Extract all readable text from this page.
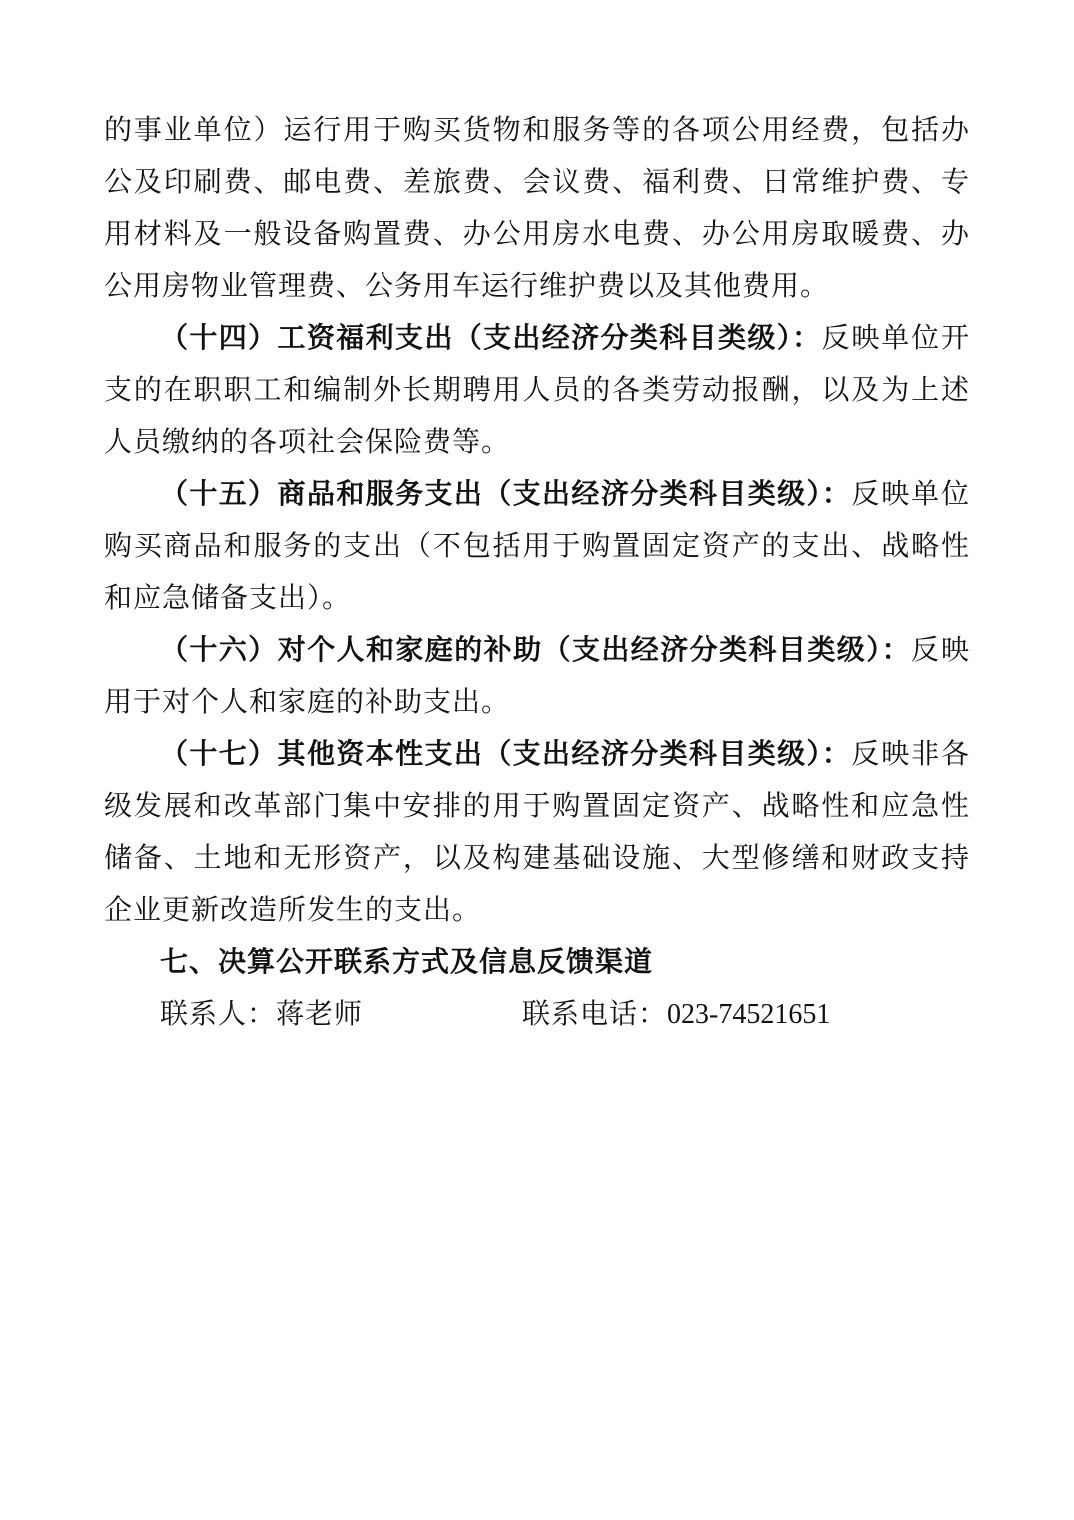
的事业单位）运行用于购买货物和服务等的各项公用经费，包括办公及印刷费、邮电费、差旅费、会议费、福利费、日常维护费、专用材料及一般设备购置费、办公用房水电费、办公用房取暖费、办公用房物业管理费、公务用车运行维护费以及其他费用。

（十四）工资福利支出（支出经济分类科目类级）：反映单位开支的在职职工和编制外长期聘用人员的各类劳动报酬，以及为上述人员缴纳的各项社会保险费等。

（十五）商品和服务支出（支出经济分类科目类级）：反映单位购买商品和服务的支出（不包括用于购置固定资产的支出、战略性和应急储备支出）。

（十六）对个人和家庭的补助（支出经济分类科目类级）：反映用于对个人和家庭的补助支出。

（十七）其他资本性支出（支出经济分类科目类级）：反映非各级发展和改革部门集中安排的用于购置固定资产、战略性和应急性储备、土地和无形资产，以及构建基础设施、大型修缮和财政支持企业更新改造所发生的支出。

七、决算公开联系方式及信息反馈渠道
联系人：蒋老师	联系电话：023-74521651
